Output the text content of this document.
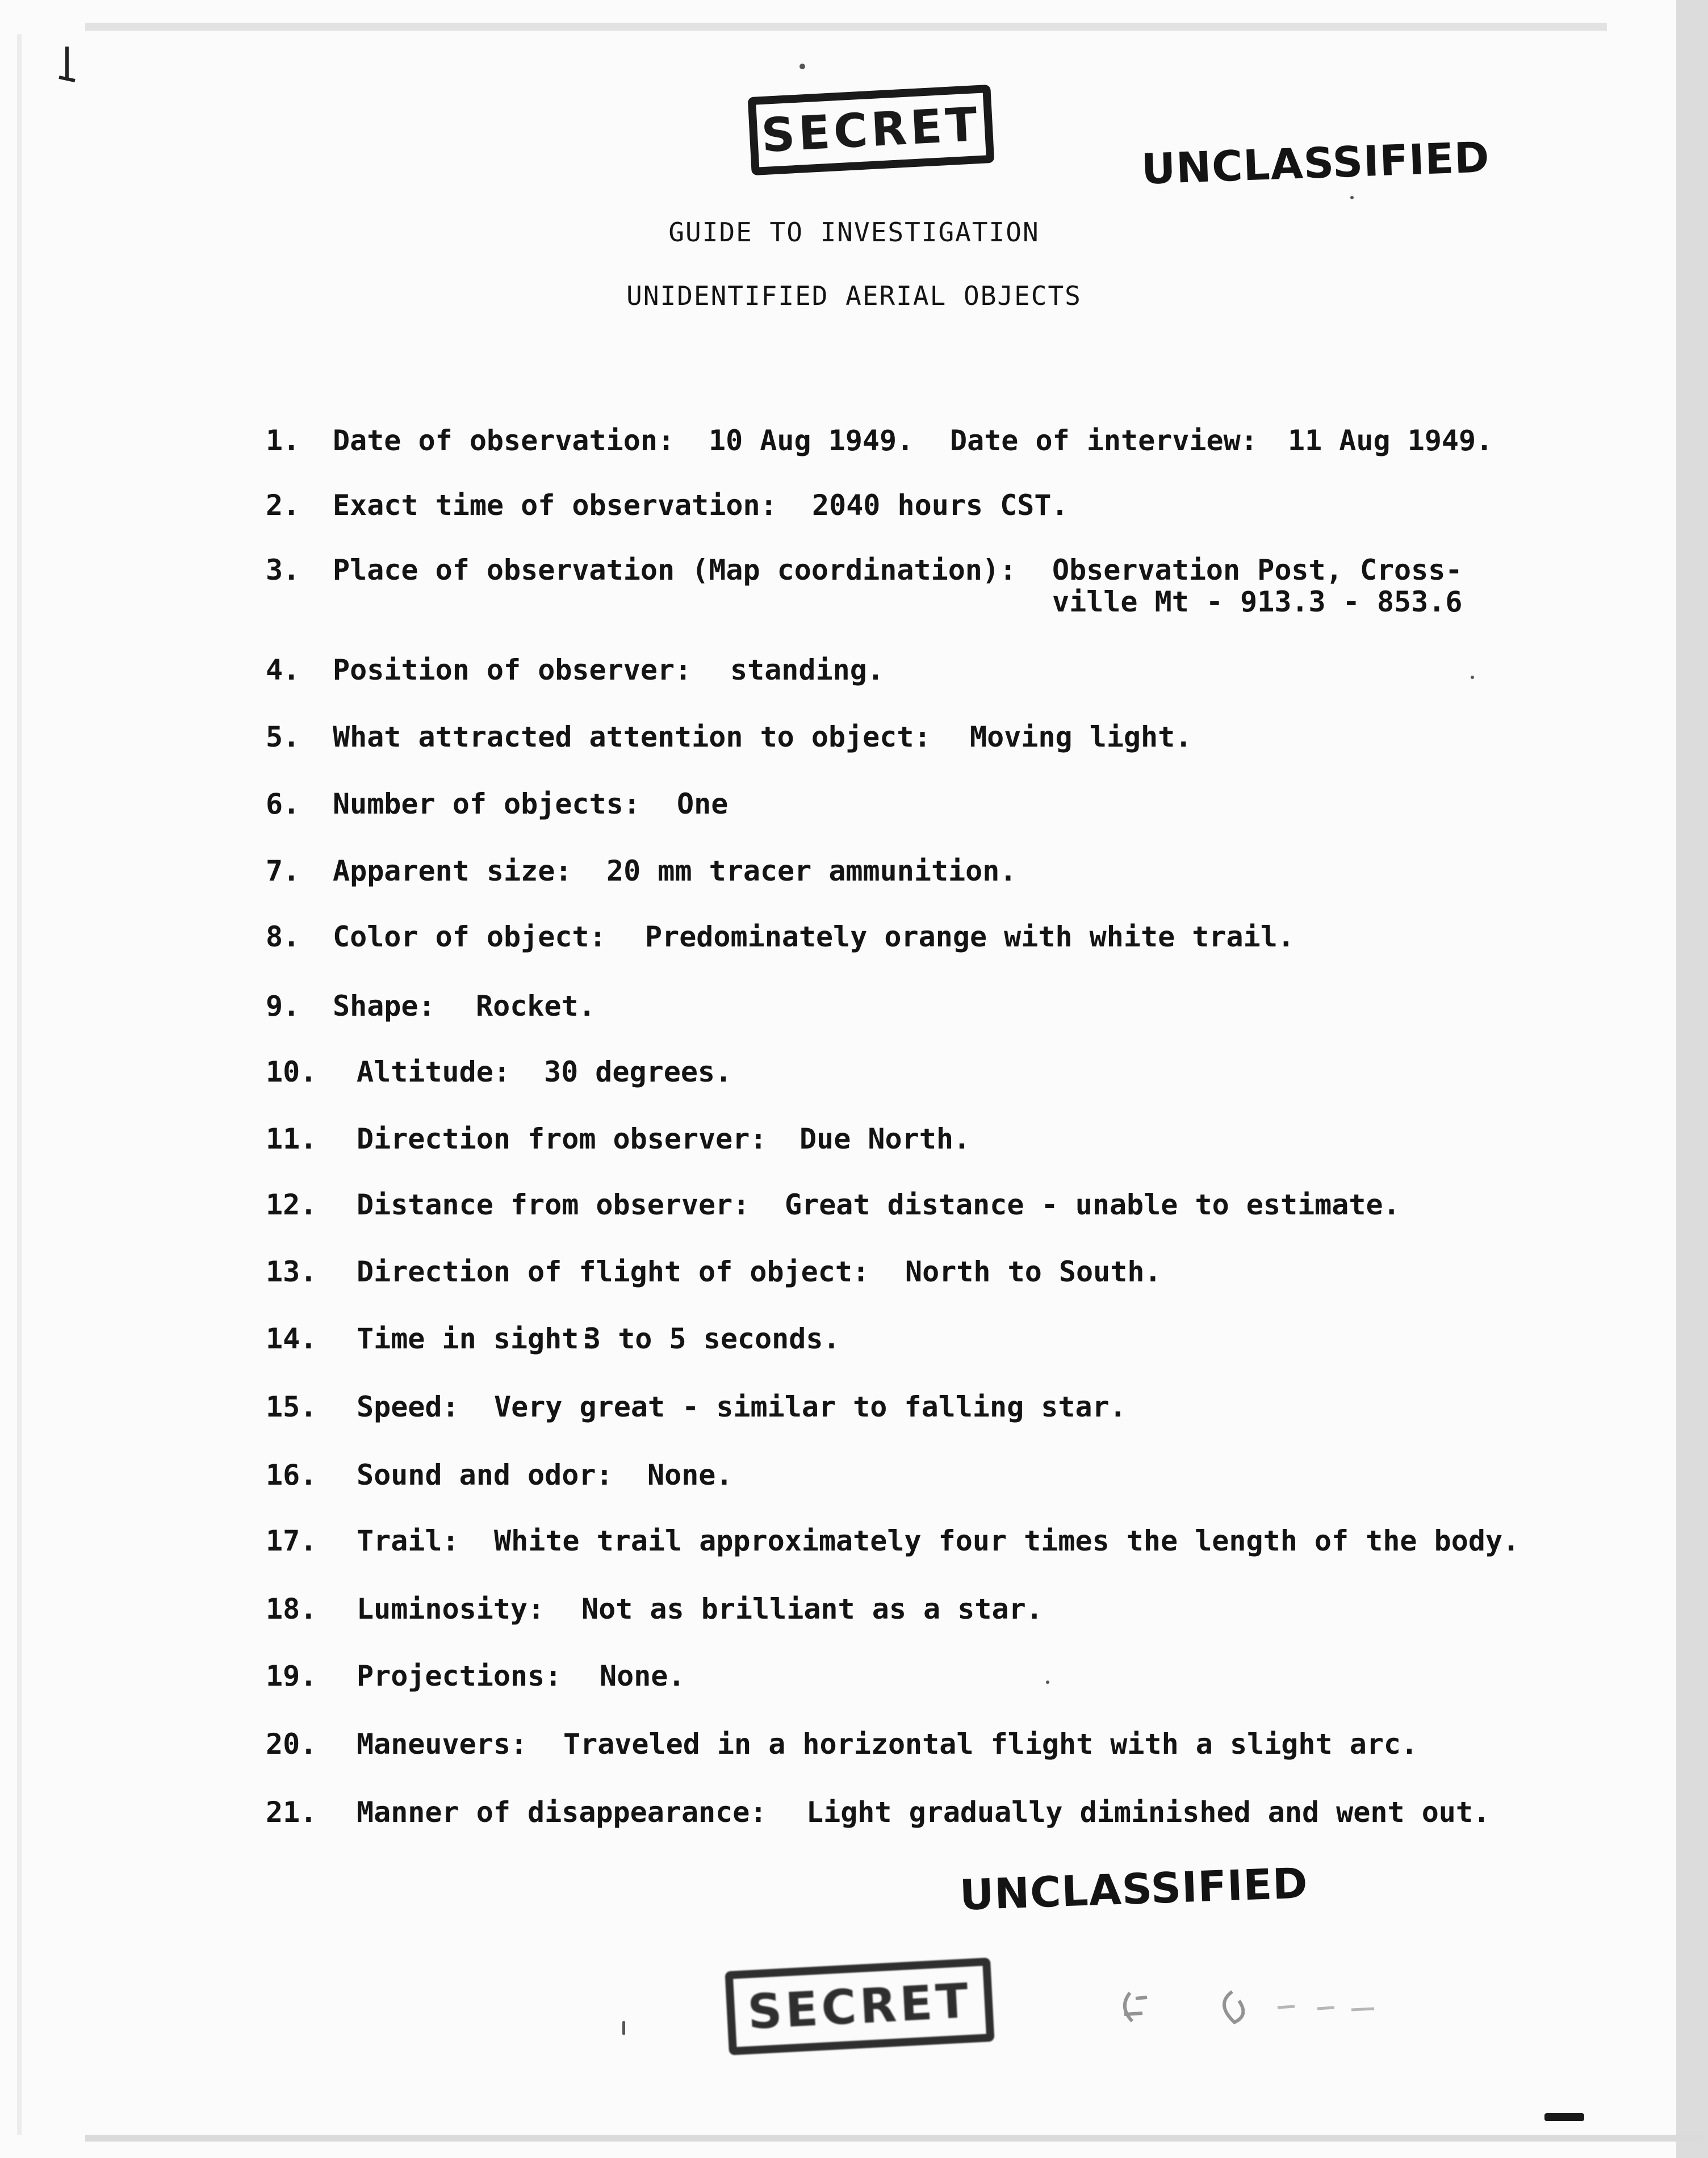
SECRET
UNCLASSIFIED
GUIDE TO INVESTIGATION
UNIDENTIFIED AERIAL OBJECTS
1. Date of observation: 10 Aug 1949. Date of interview: 11 Aug 1949.
2. Exact time of observation: 2040 hours CST.
3. Place of observation (Map coordination): Observation Post, Cross-
ville Mt - 913.3 - 853.6
4. Position of observer: standing.
5. What attracted attention to object: Moving light.
6. Number of objects: One
7. Apparent size: 20 mm tracer ammunition.
8. Color of object: Predominately orange with white trail.
9. Shape: Rocket.
10. Altitude: 30 degrees.
11. Direction from observer: Due North.
12. Distance from observer: Great distance - unable to estimate.
13. Direction of flight of object: North to South.
14. Time in sight:
3 to 5 seconds.
15. Speed: Very great - similar to falling star.
16. Sound and odor: None.
17. Trail: White trail approximately four times the length of the body.
18. Luminosity: Not as brilliant as a star.
19. Projections: None.
20. Maneuvers: Traveled in a horizontal flight with a slight arc.
21. Manner of disappearance: Light gradually diminished and went out.
UNCLASSIFIED
SECRET
